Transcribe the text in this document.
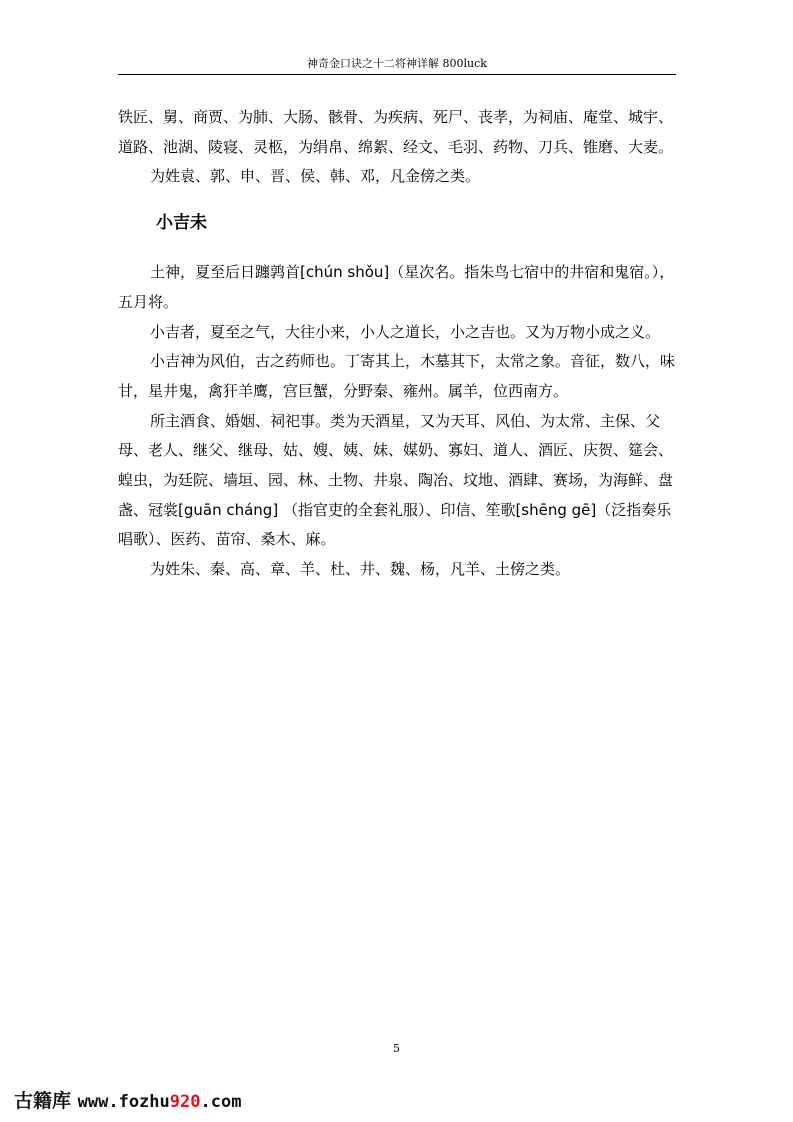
神奇金口诀之十二将神详解 800luck

铁匠、舅、商贾、为肺、大肠、骸骨、为疾病、死尸、丧孝，为祠庙、庵堂、城宇、道路、池湖、陵寝、灵柩，为绢帛、绵絮、经文、毛羽、药物、刀兵、锥磨、大麦。

为姓袁、郭、申、晋、侯、韩、邓，凡金傍之类。

小吉未

土神，夏至后日躔鹑首[chún shǒu]（星次名。指朱鸟七宿中的井宿和鬼宿。），五月将。

小吉者，夏至之气，大往小来，小人之道长，小之吉也。又为万物小成之义。

小吉神为风伯，古之药师也。丁寄其上，木墓其下，太常之象。音征，数八，味甘，星井鬼，禽犴羊鹰，宫巨蟹，分野秦、雍州。属羊，位西南方。

所主酒食、婚姻、祠祀事。类为天酒星，又为天耳、风伯、为太常、主保、父母、老人、继父、继母、姑、嫂、姨、妹、媒奶、寡妇、道人、酒匠、庆贺、筵会、蝗虫，为廷院、墙垣、园、林、土物、井泉、陶冶、坟地、酒肆、赛场，为海鲜、盘盏、冠裳[guān cháng] （指官吏的全套礼服）、印信、笙歌[shēng gē]（泛指奏乐唱歌）、医药、苗帘、桑木、麻。

为姓朱、秦、高、章、羊、杜、井、魏、杨，凡羊、土傍之类。

5
古籍库 www.fozhu920.com
